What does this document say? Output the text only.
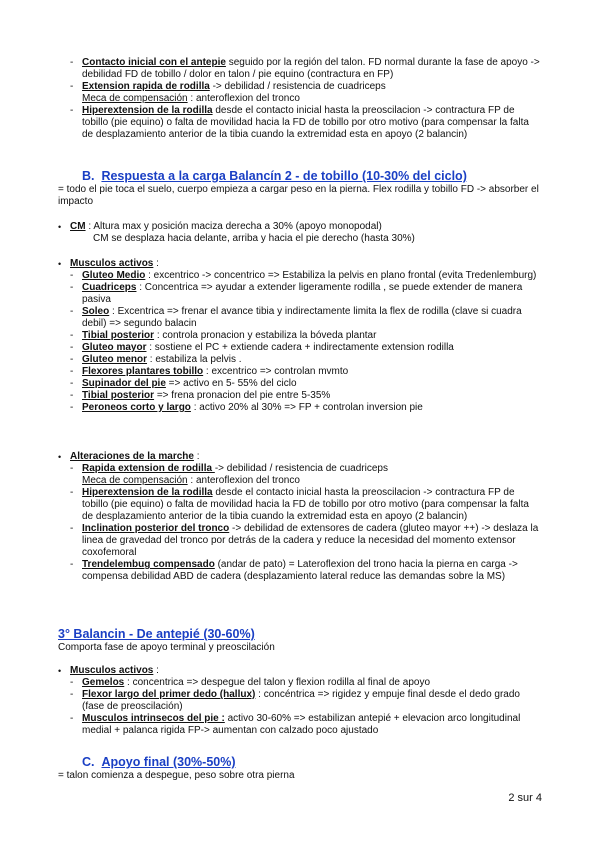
- Contacto inicial con el antepie seguido por la región del talon. FD normal durante la fase de apoyo -> debilidad FD de tobillo / dolor en talon / pie equino (contractura en FP)
- Extension rapida de rodilla -> debilidad / resistencia de cuadriceps
Meca de compensación : anteroflexion del tronco
- Hiperextension de la rodilla desde el contacto inicial hasta la preoscilacion -> contractura FP de tobillo (pie equino) o falta de movilidad hacia la FD de tobillo por otro motivo (para compensar la falta de desplazamiento anterior de la tibia cuando la extremidad esta en apoyo (2 balancin)
B. Respuesta a la carga Balancín 2 - de tobillo (10-30% del ciclo)
= todo el pie toca el suelo, cuerpo empieza a cargar peso en la pierna. Flex rodilla y tobillo FD -> absorber el impacto
• CM : Altura max y posición maciza derecha a 30% (apoyo monopodal)
CM se desplaza hacia delante, arriba y hacia el pie derecho (hasta 30%)
• Musculos activos :
- Gluteo Medio : excentrico -> concentrico => Estabiliza la pelvis en plano frontal (evita Tredenlemburg)
- Cuadriceps : Concentrica => ayudar a extender ligeramente rodilla , se puede extender de manera pasiva
- Soleo : Excentrica => frenar el avance tibia y indirectamente limita la flex de rodilla (clave si cuadra debil) => segundo balacin
- Tibial posterior : controla pronacion y estabiliza la bóveda plantar
- Gluteo mayor : sostiene el PC + extiende cadera + indirectamente extension rodilla
- Gluteo menor : estabiliza la pelvis .
- Flexores plantares tobillo : excentrico => controlan mvmto
- Supinador del pie => activo en 5- 55% del ciclo
- Tibial posterior => frena pronacion del pie entre 5-35%
- Peroneos corto y largo : activo 20% al 30% => FP + controlan inversion pie
• Alteraciones de la marche :
- Rapida extension de rodilla -> debilidad / resistencia de cuadriceps
Meca de compensación : anteroflexion del tronco
- Hiperextension de la rodilla desde el contacto inicial hasta la preoscilacion -> contractura FP de tobillo (pie equino) o falta de movilidad hacia la FD de tobillo por otro motivo (para compensar la falta de desplazamiento anterior de la tibia cuando la extremidad esta en apoyo (2 balancin)
- Inclination posterior del tronco -> debilidad de extensores de cadera (gluteo mayor ++) -> deslaza la linea de gravedad del tronco por detrás de la cadera y reduce la necesidad del momento extensor coxofemoral
- Trendelembug compensado (andar de pato) = Lateroflexion del trono hacia la pierna en carga -> compensa debilidad ABD de cadera (desplazamiento lateral reduce las demandas sobre la MS)
3° Balancin - De antepié (30-60%)
Comporta fase de apoyo terminal y preoscilación
• Musculos activos :
- Gemelos : concentrica => despegue del talon y flexion rodilla al final de apoyo
- Flexor largo del primer dedo (hallux) : concéntrica => rigidez y empuje final desde el dedo grado (fase de preoscilación)
- Musculos intrinsecos del pie : activo 30-60% => estabilizan antepié + elevacion arco longitudinal medial + palanca rigida FP-> aumentan con calzado poco ajustado
C. Apoyo final (30%-50%)
= talon comienza a despegue, peso sobre otra pierna
2 sur 4
